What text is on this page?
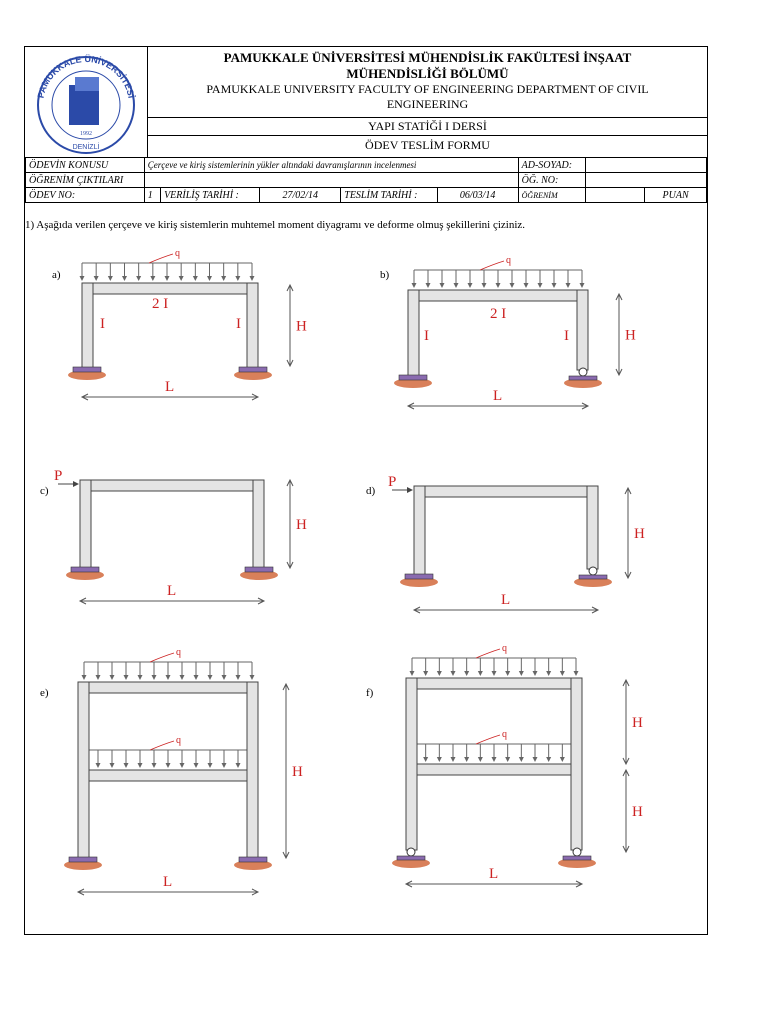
PAMUKKALE ÜNİVERSİTESİ
1992
DENİZLİ
PAMUKKALE ÜNİVERSİTESİ MÜHENDİSLİK FAKÜLTESİ İNŞAAT
MÜHENDİSLİĞİ BÖLÜMÜ
PAMUKKALE UNIVERSITY FACULTY OF ENGINEERING DEPARTMENT OF CIVIL
ENGINEERING
YAPI STATİĞİ I DERSİ
ÖDEV TESLİM FORMU
ÖDEVİN KONUSU	Çerçeve ve kiriş sistemlerinin yükler altındaki davranışlarının incelenmesi					AD-SOYAD:		
ÖĞRENİM ÇIKTILARI						ÖĞ. NO:		
ÖDEV NO:	1	VERİLİŞ TARİHİ :	27/02/14	TESLİM TARİHİ :	06/03/14	ÖĞRENİM		PUAN
1) Aşağıda verilen çerçeve ve kiriş sistemlerin muhtemel moment diyagramı ve deforme olmuş şekillerini çiziniz.
a)
q
2 I
I	I	H
L
b)
q
2 I
I	I	H
L
c)
P
H
L
d)
P
H
L
e)
q
q
H
L
f)
q
q
H
H
L
